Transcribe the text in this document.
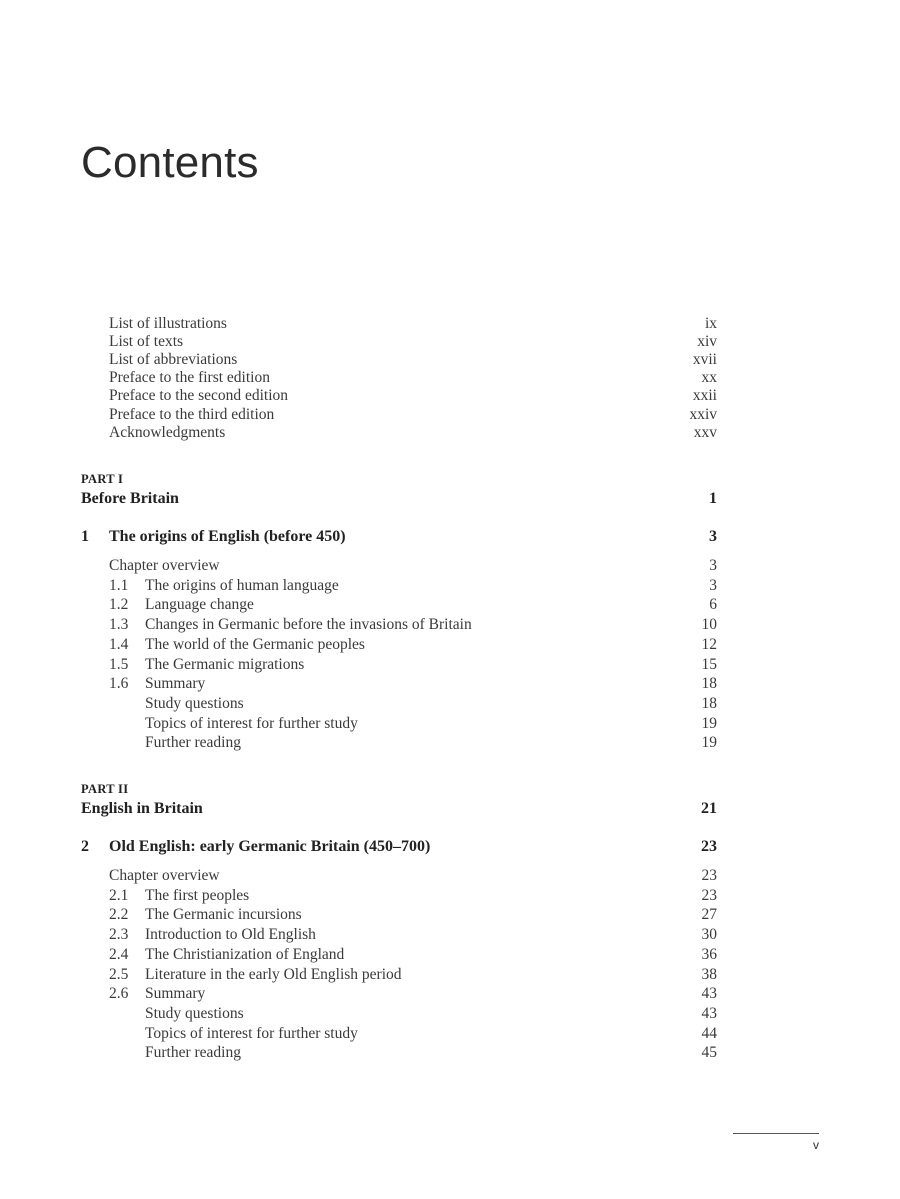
Contents
List of illustrations	ix
List of texts	xiv
List of abbreviations	xvii
Preface to the first edition	xx
Preface to the second edition	xxii
Preface to the third edition	xxiv
Acknowledgments	xxv
PART I
Before Britain	1
1 The origins of English (before 450)	3
Chapter overview	3
1.1 The origins of human language	3
1.2 Language change	6
1.3 Changes in Germanic before the invasions of Britain	10
1.4 The world of the Germanic peoples	12
1.5 The Germanic migrations	15
1.6 Summary	18
Study questions	18
Topics of interest for further study	19
Further reading	19
PART II
English in Britain	21
2 Old English: early Germanic Britain (450–700)	23
Chapter overview	23
2.1 The first peoples	23
2.2 The Germanic incursions	27
2.3 Introduction to Old English	30
2.4 The Christianization of England	36
2.5 Literature in the early Old English period	38
2.6 Summary	43
Study questions	43
Topics of interest for further study	44
Further reading	45
v
